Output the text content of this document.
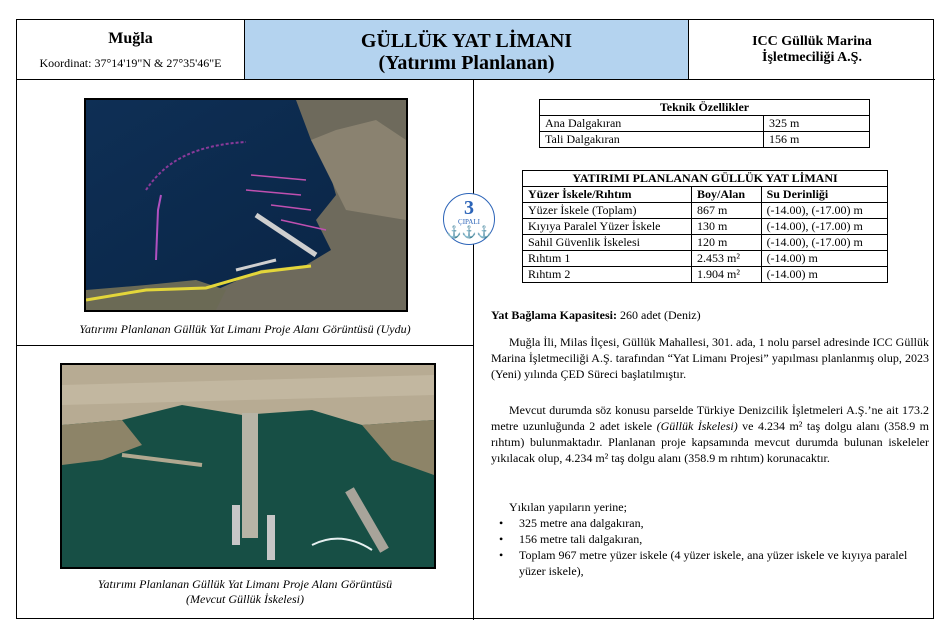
Muğla
Koordinat: 37°14'19"N & 27°35'46"E
GÜLLÜK YAT LİMANI
(Yatırımı Planlanan)
ICC Güllük Marina
İşletmeciliği A.Ş.
Yatırımı Planlanan Güllük Yat Limanı Proje Alanı Görüntüsü (Uydu)
Yatırımı Planlanan Güllük Yat Limanı Proje Alanı Görüntüsü
(Mevcut Güllük İskelesi)
3
ÇIPALI
⚓⚓⚓
Teknik Özellikler	
Ana Dalgakıran	325 m
Tali Dalgakıran	156 m
YATIRIMI PLANLANAN GÜLLÜK YAT LİMANI		
Yüzer İskele/Rıhtım	Boy/Alan	Su Derinliği
Yüzer İskele (Toplam)	867 m	(-14.00), (-17.00) m
Kıyıya Paralel Yüzer İskele	130 m	(-14.00), (-17.00) m
Sahil Güvenlik İskelesi	120 m	(-14.00), (-17.00) m
Rıhtım 1	2.453 m²	(-14.00) m
Rıhtım 2	1.904 m²	(-14.00) m
Yat Bağlama Kapasitesi: 260 adet (Deniz)

Muğla İli, Milas İlçesi, Güllük Mahallesi, 301. ada, 1 nolu parsel adresinde ICC Güllük Marina İşletmeciliği A.Ş. tarafından “Yat Limanı Projesi” yapılması planlanmış olup, 2023 (Yeni) yılında ÇED Süreci başlatılmıştır.

Mevcut durumda söz konusu parselde Türkiye Denizcilik İşletmeleri A.Ş.’ne ait 173.2 metre uzunluğunda 2 adet iskele (Güllük İskelesi) ve 4.234 m² taş dolgu alanı (358.9 m rıhtım) bulunmaktadır. Planlanan proje kapsamında mevcut durumda bulunan iskeleler yıkılacak olup, 4.234 m² taş dolgu alanı (358.9 m rıhtım) korunacaktır.

Yıkılan yapıların yerine;
• 325 metre ana dalgakıran,
• 156 metre tali dalgakıran,
• Toplam 967 metre yüzer iskele (4 yüzer iskele, ana yüzer iskele ve kıyıya paralel yüzer iskele),
